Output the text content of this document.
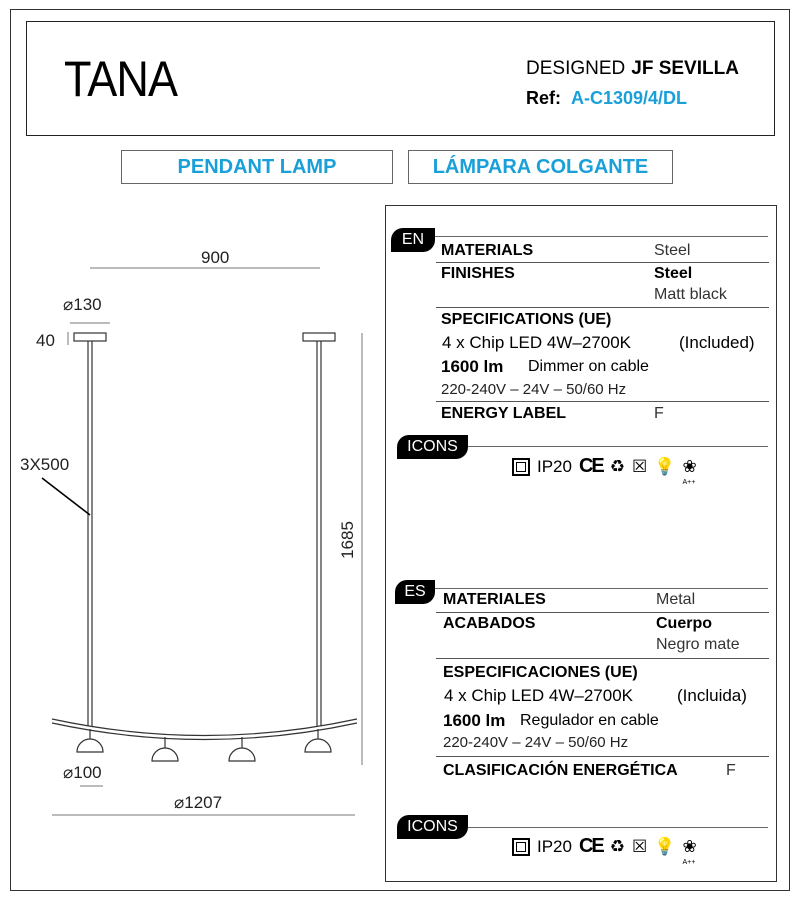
TANA	DESIGNED JF SEVILLA
Ref: A-C1309/4/DL
PENDANT LAMP	LÁMPARA COLGANTE
900
⌀130
40
3X500
1685
⌀100
⌀1207
EN
MATERIALS	Steel
FINISHES	Steel
Matt black
SPECIFICATIONS (UE)
4 x Chip LED 4W–2700K	(Included)
1600 lm Dimmer on cable
220-240V – 24V – 50/60 Hz
ENERGY LABEL	F
ICONS
IP20 CE ♻ ☒ 💡 ❀
A++
ES	MATERIALES	Metal
ACABADOS	Cuerpo
Negro mate
ESPECIFICACIONES (UE)
4 x Chip LED 4W–2700K	(Incluida)
1600 lm Regulador en cable
220-240V – 24V – 50/60 Hz
CLASIFICACIÓN ENERGÉTICA	F
ICONS
IP20 CE ♻ ☒ 💡 ❀
A++
